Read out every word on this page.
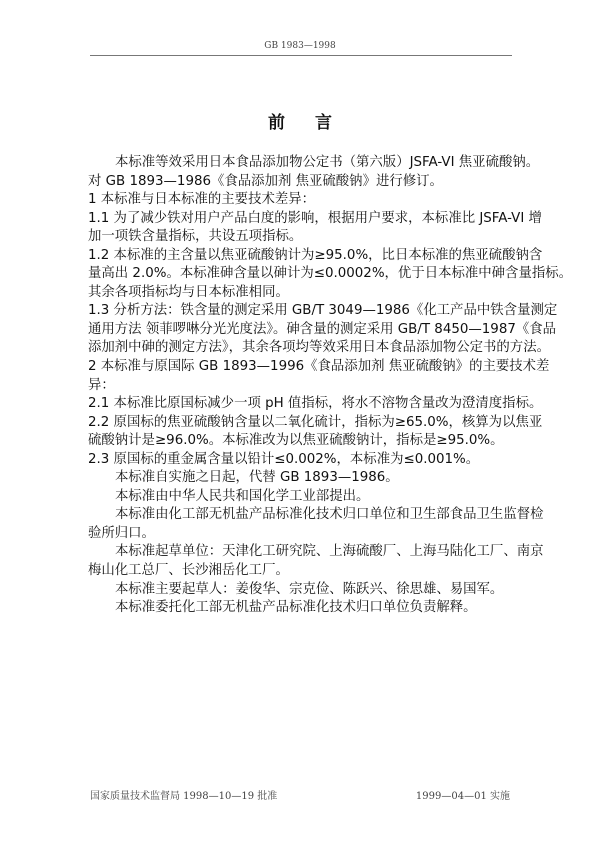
GB 1983—1998
前言
本标准等效采用日本食品添加物公定书（第六版）JSFA-VI 焦亚硫酸钠。
对 GB 1893—1986《食品添加剂 焦亚硫酸钠》进行修订。
1 本标准与日本标准的主要技术差异：
1.1 为了减少铁对用户产品白度的影响，根据用户要求，本标准比 JSFA-VI 增
加一项铁含量指标，共设五项指标。
1.2 本标准的主含量以焦亚硫酸钠计为≥95.0%，比日本标准的焦亚硫酸钠含
量高出 2.0%。本标准砷含量以砷计为≤0.0002%，优于日本标准中砷含量指标。
其余各项指标均与日本标准相同。
1.3 分析方法：铁含量的测定采用 GB/T 3049—1986《化工产品中铁含量测定
通用方法 领菲啰啉分光光度法》。砷含量的测定采用 GB/T 8450—1987《食品
添加剂中砷的测定方法》，其余各项均等效采用日本食品添加物公定书的方法。
2 本标准与原国际 GB 1893—1996《食品添加剂 焦亚硫酸钠》的主要技术差
异：
2.1 本标准比原国标减少一项 pH 值指标，将水不溶物含量改为澄清度指标。
2.2 原国标的焦亚硫酸钠含量以二氧化硫计，指标为≥65.0%，核算为以焦亚
硫酸钠计是≥96.0%。本标准改为以焦亚硫酸钠计，指标是≥95.0%。
2.3 原国标的重金属含量以铅计≤0.002%，本标准为≤0.001%。
本标准自实施之日起，代替 GB 1893—1986。
本标准由中华人民共和国化学工业部提出。
本标准由化工部无机盐产品标准化技术归口单位和卫生部食品卫生监督检
验所归口。
本标准起草单位：天津化工研究院、上海硫酸厂、上海马陆化工厂、南京
梅山化工总厂、长沙湘岳化工厂。
本标准主要起草人：姜俊华、宗克俭、陈跃兴、徐思雄、易国军。
本标准委托化工部无机盐产品标准化技术归口单位负责解释。
国家质量技术监督局 1998—10—19 批准	1999—04—01 实施
